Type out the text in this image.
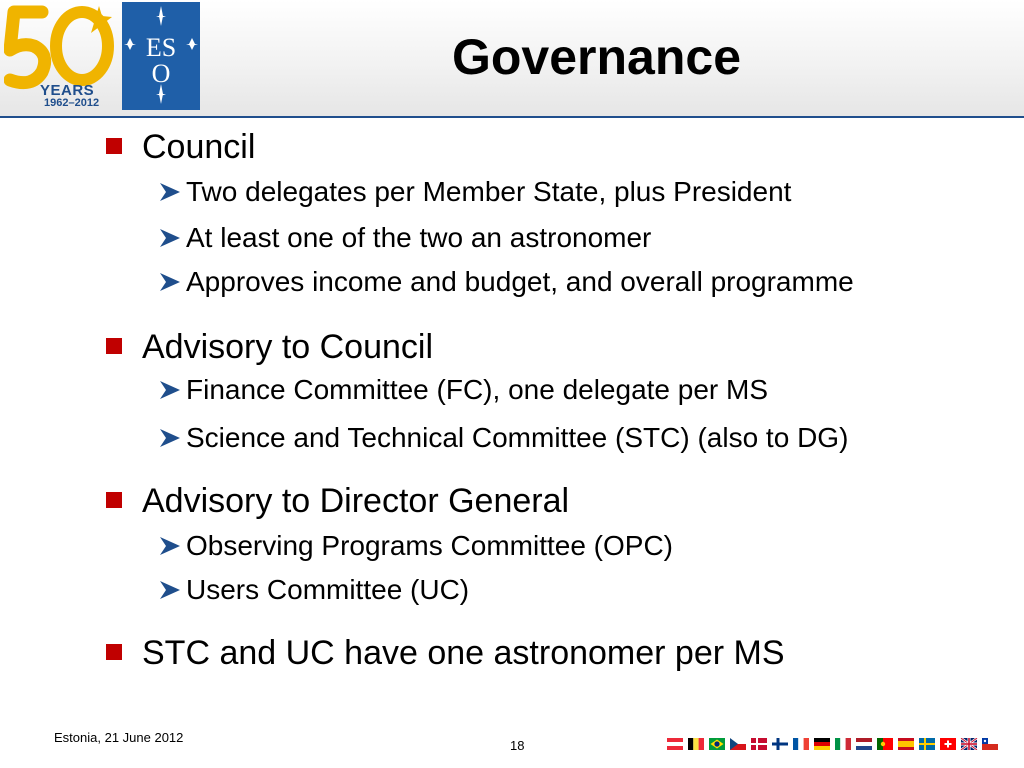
YEARS
1962–2012
ES
O	Governance
Council
Two delegates per Member State, plus President
At least one of the two an astronomer
Approves income and budget, and overall programme
Advisory to Council
Finance Committee (FC), one delegate per MS
Science and Technical Committee (STC) (also to DG)
Advisory to Director General
Observing Programs Committee (OPC)
Users Committee (UC)
STC and UC have one astronomer per MS
Estonia, 21 June 2012
18
